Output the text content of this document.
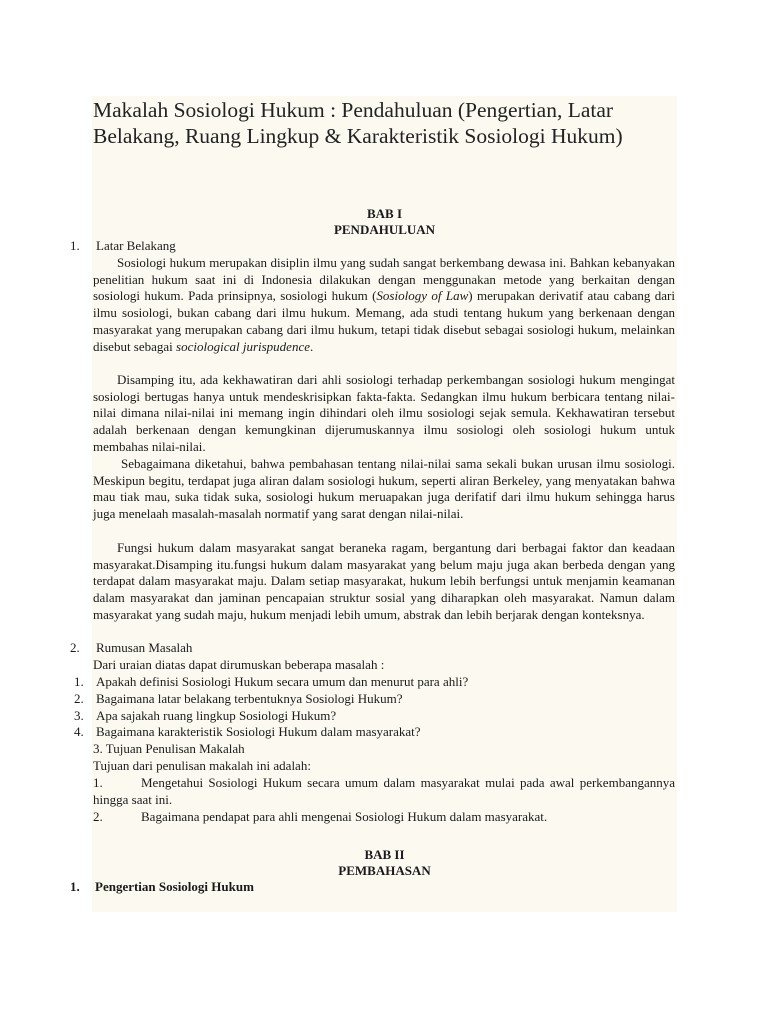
Makalah Sosiologi Hukum : Pendahuluan (Pengertian, Latar Belakang, Ruang Lingkup & Karakteristik Sosiologi Hukum)

BAB I

PENDAHULUAN

1. Latar Belakang

Sosiologi hukum merupakan disiplin ilmu yang sudah sangat berkembang dewasa ini. Bahkan kebanyakan penelitian hukum saat ini di Indonesia dilakukan dengan menggunakan metode yang berkaitan dengan sosiologi hukum. Pada prinsipnya, sosiologi hukum (Sosiology of Law) merupakan derivatif atau cabang dari ilmu sosiologi, bukan cabang dari ilmu hukum. Memang, ada studi tentang hukum yang berkenaan dengan masyarakat yang merupakan cabang dari ilmu hukum, tetapi tidak disebut sebagai sosiologi hukum, melainkan disebut sebagai sociological jurispudence.

Disamping itu, ada kekhawatiran dari ahli sosiologi terhadap perkembangan sosiologi hukum mengingat sosiologi bertugas hanya untuk mendeskrisipkan fakta-fakta. Sedangkan ilmu hukum berbicara tentang nilai-nilai dimana nilai-nilai ini memang ingin dihindari oleh ilmu sosiologi sejak semula. Kekhawatiran tersebut adalah berkenaan dengan kemungkinan dijerumuskannya ilmu sosiologi oleh sosiologi hukum untuk membahas nilai-nilai.

Sebagaimana diketahui, bahwa pembahasan tentang nilai-nilai sama sekali bukan urusan ilmu sosiologi. Meskipun begitu, terdapat juga aliran dalam sosiologi hukum, seperti aliran Berkeley, yang menyatakan bahwa mau tiak mau, suka tidak suka, sosiologi hukum meruapakan juga derifatif dari ilmu hukum sehingga harus juga menelaah masalah-masalah normatif yang sarat dengan nilai-nilai.

Fungsi hukum dalam masyarakat sangat beraneka ragam, bergantung dari berbagai faktor dan keadaan masyarakat.Disamping itu.fungsi hukum dalam masyarakat yang belum maju juga akan berbeda dengan yang terdapat dalam masyarakat maju. Dalam setiap masyarakat, hukum lebih berfungsi untuk menjamin keamanan dalam masyarakat dan jaminan pencapaian struktur sosial yang diharapkan oleh masyarakat. Namun dalam masyarakat yang sudah maju, hukum menjadi lebih umum, abstrak dan lebih berjarak dengan konteksnya.

2. Rumusan Masalah

Dari uraian diatas dapat dirumuskan beberapa masalah :

1. Apakah definisi Sosiologi Hukum secara umum dan menurut para ahli?

2. Bagaimana latar belakang terbentuknya Sosiologi Hukum?

3. Apa sajakah ruang lingkup Sosiologi Hukum?

4. Bagaimana karakteristik Sosiologi Hukum dalam masyarakat?

3. Tujuan Penulisan Makalah

Tujuan dari penulisan makalah ini adalah:

1.	Mengetahui Sosiologi Hukum secara umum dalam masyarakat mulai pada awal perkembangannya hingga saat ini.

2.	Bagaimana pendapat para ahli mengenai Sosiologi Hukum dalam masyarakat.

BAB II

PEMBAHASAN

1. Pengertian Sosiologi Hukum
